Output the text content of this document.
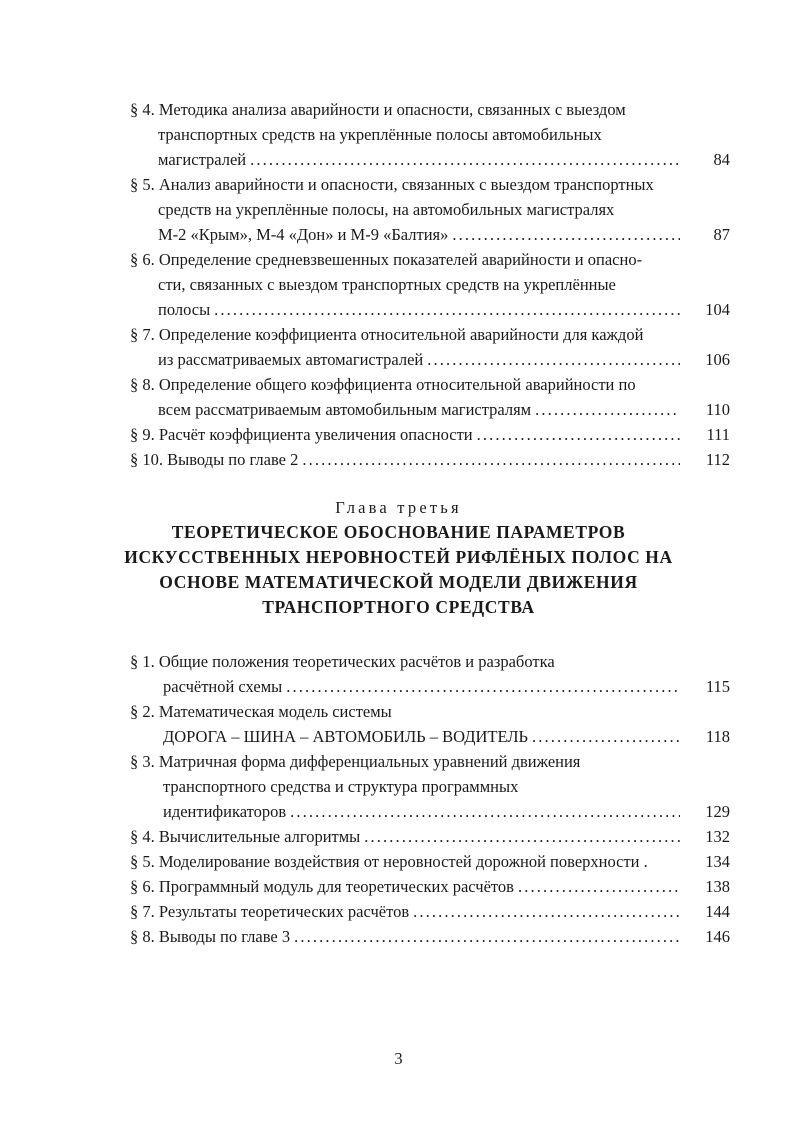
§ 4. Методика анализа аварийности и опасности, связанных с выездом
транспортных средств на укреплённые полосы автомобильных
магистралей . . .	84
§ 5. Анализ аварийности и опасности, связанных с выездом транспортных
средств на укреплённые полосы, на автомобильных магистралях
М-2 «Крым», М-4 «Дон» и М-9 «Балтия» . . .	87
§ 6. Определение средневзвешенных показателей аварийности и опасно-
сти, связанных с выездом транспортных средств на укреплённые
полосы . . .	104
§ 7. Определение коэффициента относительной аварийности для каждой
из рассматриваемых автомагистралей . . .	106
§ 8. Определение общего коэффициента относительной аварийности по
всем рассматриваемым автомобильным магистралям . . .	110
§ 9. Расчёт коэффициента увеличения опасности . . .	111
§ 10. Выводы по главе 2 . . .	112
Глава третья
ТЕОРЕТИЧЕСКОЕ ОБОСНОВАНИЕ ПАРАМЕТРОВ
ИСКУССТВЕННЫХ НЕРОВНОСТЕЙ РИФЛЁНЫХ ПОЛОС НА
ОСНОВЕ МАТЕМАТИЧЕСКОЙ МОДЕЛИ ДВИЖЕНИЯ
ТРАНСПОРТНОГО СРЕДСТВА
§ 1. Общие положения теоретических расчётов и разработка
расчётной схемы . . .	115
§ 2. Математическая модель системы
ДОРОГА – ШИНА – АВТОМОБИЛЬ – ВОДИТЕЛЬ . . .	118
§ 3. Матричная форма дифференциальных уравнений движения
транспортного средства и структура программных
идентификаторов . . .	129
§ 4. Вычислительные алгоритмы . . .	132
§ 5. Моделирование воздействия от неровностей дорожной поверхности .	134
§ 6. Программный модуль для теоретических расчётов . . .	138
§ 7. Результаты теоретических расчётов . . .	144
§ 8. Выводы по главе 3 . . .	146
3
